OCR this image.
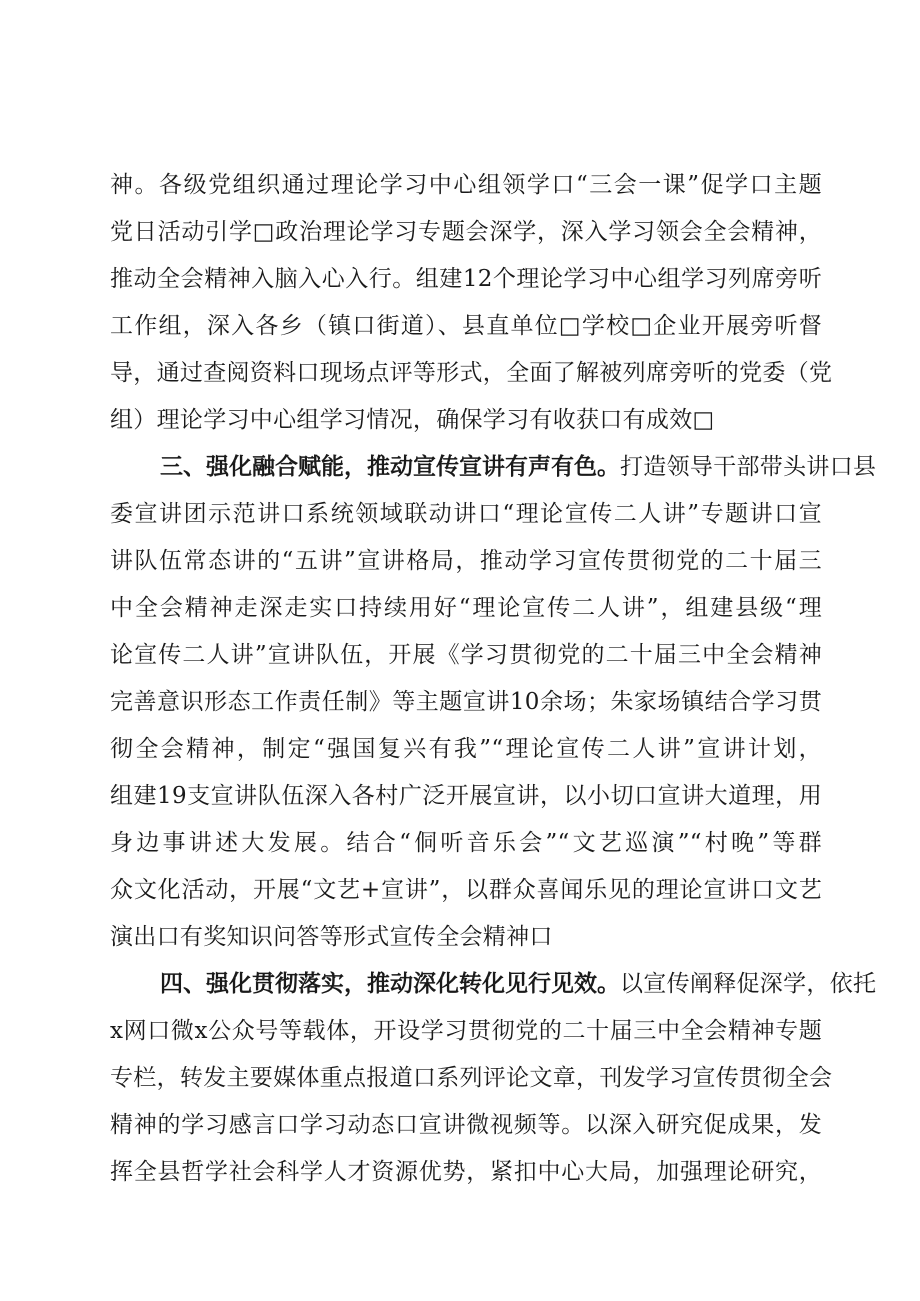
神。各级党组织通过理论学习中心组领学口“三会一课”促学口主题
党日活动引学□政治理论学习专题会深学，深入学习领会全会精神，
推动全会精神入脑入心入行。组建12个理论学习中心组学习列席旁听
工作组，深入各乡（镇口街道）、县直单位□学校□企业开展旁听督
导，通过查阅资料口现场点评等形式，全面了解被列席旁听的党委（党
组）理论学习中心组学习情况，确保学习有收获口有成效□
三、强化融合赋能，推动宣传宣讲有声有色。打造领导干部带头讲口县
委宣讲团示范讲口系统领域联动讲口“理论宣传二人讲”专题讲口宣
讲队伍常态讲的“五讲”宣讲格局，推动学习宣传贯彻党的二十届三
中全会精神走深走实口持续用好“理论宣传二人讲”，组建县级“理
论宣传二人讲”宣讲队伍，开展《学习贯彻党的二十届三中全会精神
完善意识形态工作责任制》等主题宣讲10余场；朱家场镇结合学习贯
彻全会精神，制定“强国复兴有我”“理论宣传二人讲”宣讲计划，
组建19支宣讲队伍深入各村广泛开展宣讲，以小切口宣讲大道理，用
身边事讲述大发展。结合“侗听音乐会”“文艺巡演”“村晚”等群
众文化活动，开展“文艺+宣讲”，以群众喜闻乐见的理论宣讲口文艺
演出口有奖知识问答等形式宣传全会精神口
四、强化贯彻落实，推动深化转化见行见效。以宣传阐释促深学，依托
x网口微x公众号等载体，开设学习贯彻党的二十届三中全会精神专题
专栏，转发主要媒体重点报道口系列评论文章，刊发学习宣传贯彻全会
精神的学习感言口学习动态口宣讲微视频等。以深入研究促成果，发
挥全县哲学社会科学人才资源优势，紧扣中心大局，加强理论研究，
